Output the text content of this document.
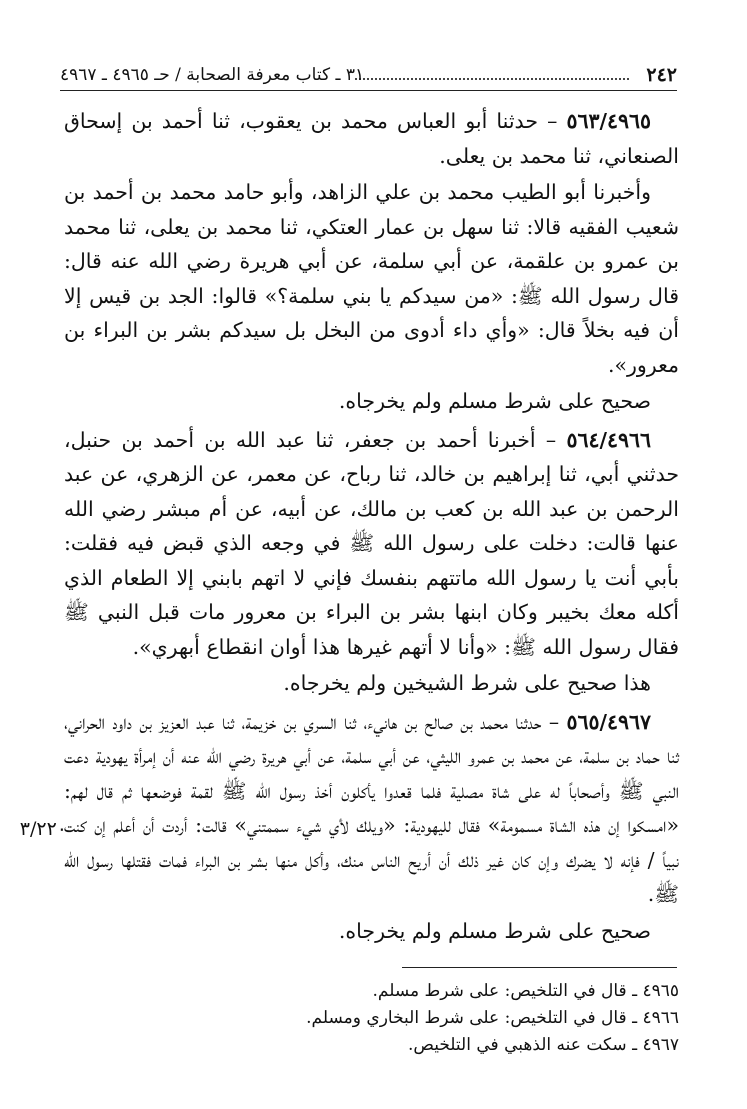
٢٤٢
٣١ ـ كتاب معرفة الصحابة / حـ ٤٩٦٥ ـ ٤٩٦٧

٥٦٣/٤٩٦٥ – حدثنا أبو العباس محمد بن يعقوب، ثنا أحمد بن إسحاق الصنعاني، ثنا محمد بن يعلى.

وأخبرنا أبو الطيب محمد بن علي الزاهد، وأبو حامد محمد بن أحمد بن شعيب الفقيه قالا: ثنا سهل بن عمار العتكي، ثنا محمد بن يعلى، ثنا محمد بن عمرو بن علقمة، عن أبي سلمة، عن أبي هريرة رضي الله عنه قال: قال رسول الله ﷺ: «من سيدكم يا بني سلمة؟» قالوا: الجد بن قيس إلا أن فيه بخلاً قال: «وأي داء أدوى من البخل بل سيدكم بشر بن البراء بن معرور».

صحيح على شرط مسلم ولم يخرجاه.

٥٦٤/٤٩٦٦ – أخبرنا أحمد بن جعفر، ثنا عبد الله بن أحمد بن حنبل، حدثني أبي، ثنا إبراهيم بن خالد، ثنا رباح، عن معمر، عن الزهري، عن عبد الرحمن بن عبد الله بن كعب بن مالك، عن أبيه، عن أم مبشر رضي الله عنها قالت: دخلت على رسول الله ﷺ في وجعه الذي قبض فيه فقلت: بأبي أنت يا رسول الله ماتتهم بنفسك فإني لا اتهم بابني إلا الطعام الذي أكله معك بخيبر وكان ابنها بشر بن البراء بن معرور مات قبل النبي ﷺ فقال رسول الله ﷺ: «وأنا لا أتهم غيرها هذا أوان انقطاع أبهري».

هذا صحيح على شرط الشيخين ولم يخرجاه.

٥٦٥/٤٩٦٧ – حدثنا محمد بن صالح بن هانيء، ثنا السري بن خزيمة، ثنا عبد العزيز بن داود الحراني، ثنا حماد بن سلمة، عن محمد بن عمرو الليثي، عن أبي سلمة، عن أبي هريرة رضي الله عنه أن إمرأة يهودية دعت النبي ﷺ وأصحاباً له على شاة مصلية فلما قعدوا يأكلون أخذ رسول الله ﷺ لقمة فوضعها ثم قال لهم: «امسكوا إن هذه الشاة مسمومة» فقال لليهودية: «ويلك لأي شيء سممتني» قالت: أردت أن أعلم إن كنت نبياً / فإنه لا يضرك وإن كان غير ذلك أن أريح الناس منك، وأكل منها بشر بن البراء فمات فقتلها رسول الله ﷺ.

صحيح على شرط مسلم ولم يخرجاه.

٣/٢٢٠
٤٩٦٥ ـ قال في التلخيص: على شرط مسلم.
٤٩٦٦ ـ قال في التلخيص: على شرط البخاري ومسلم.
٤٩٦٧ ـ سكت عنه الذهبي في التلخيص.
